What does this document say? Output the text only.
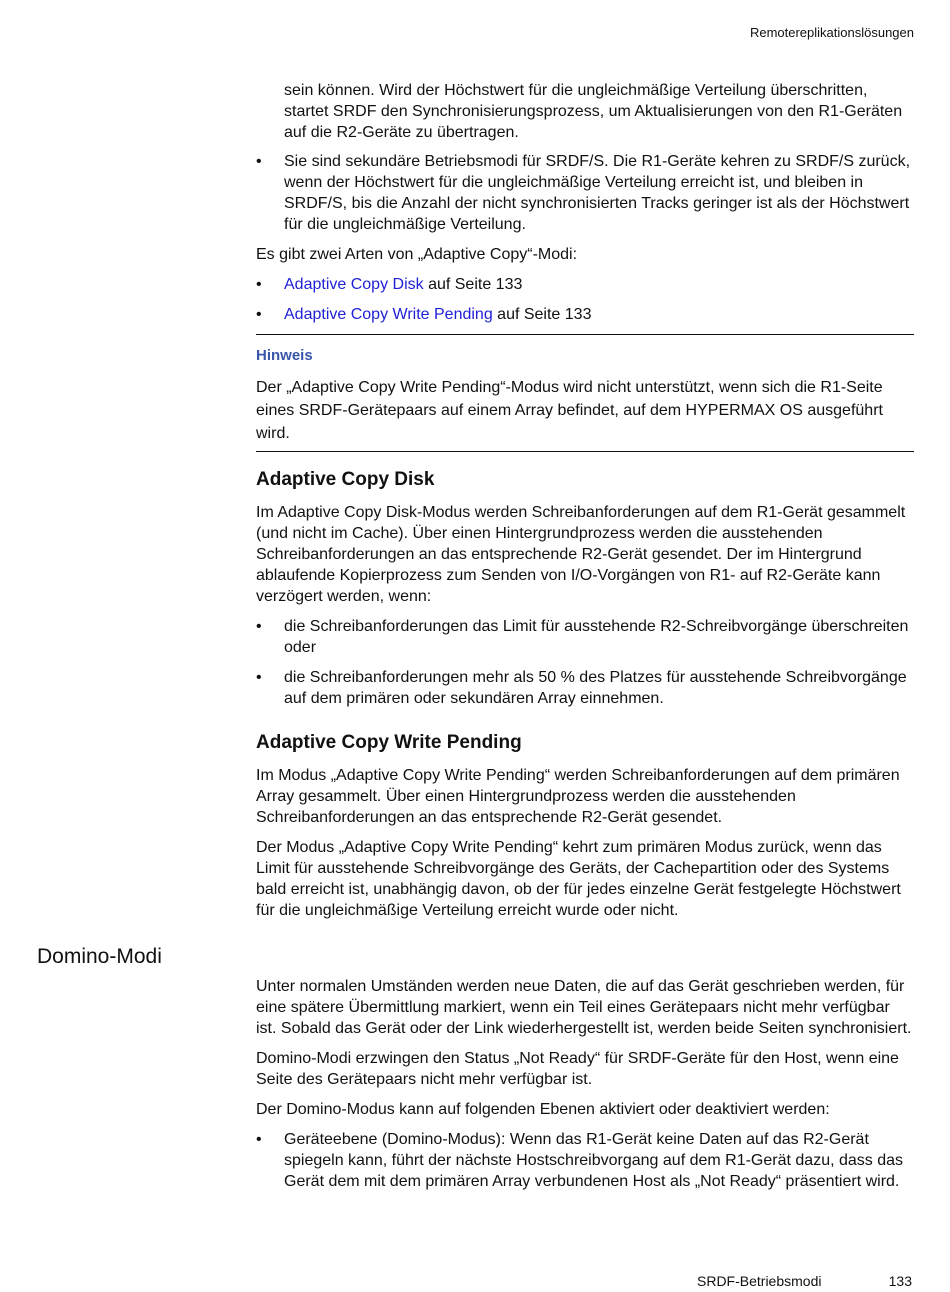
Remotereplikationslösungen

sein können. Wird der Höchstwert für die ungleichmäßige Verteilung überschritten, startet SRDF den Synchronisierungsprozess, um Aktualisierungen von den R1-Geräten auf die R2-Geräte zu übertragen.

• Sie sind sekundäre Betriebsmodi für SRDF/S. Die R1-Geräte kehren zu SRDF/S zurück, wenn der Höchstwert für die ungleichmäßige Verteilung erreicht ist, und bleiben in SRDF/S, bis die Anzahl der nicht synchronisierten Tracks geringer ist als der Höchstwert für die ungleichmäßige Verteilung.

Es gibt zwei Arten von „Adaptive Copy“-Modi:

• Adaptive Copy Disk auf Seite 133
• Adaptive Copy Write Pending auf Seite 133
Hinweis
Der „Adaptive Copy Write Pending“-Modus wird nicht unterstützt, wenn sich die R1-Seite eines SRDF-Gerätepaars auf einem Array befindet, auf dem HYPERMAX OS ausgeführt wird.
Adaptive Copy Disk

Im Adaptive Copy Disk-Modus werden Schreibanforderungen auf dem R1-Gerät gesammelt (und nicht im Cache). Über einen Hintergrundprozess werden die ausstehenden Schreibanforderungen an das entsprechende R2-Gerät gesendet. Der im Hintergrund ablaufende Kopierprozess zum Senden von I/O-Vorgängen von R1- auf R2-Geräte kann verzögert werden, wenn:

• die Schreibanforderungen das Limit für ausstehende R2-Schreibvorgänge überschreiten oder
• die Schreibanforderungen mehr als 50 % des Platzes für ausstehende Schreibvorgänge auf dem primären oder sekundären Array einnehmen.
Adaptive Copy Write Pending

Im Modus „Adaptive Copy Write Pending“ werden Schreibanforderungen auf dem primären Array gesammelt. Über einen Hintergrundprozess werden die ausstehenden Schreibanforderungen an das entsprechende R2-Gerät gesendet.

Der Modus „Adaptive Copy Write Pending“ kehrt zum primären Modus zurück, wenn das Limit für ausstehende Schreibvorgänge des Geräts, der Cachepartition oder des Systems bald erreicht ist, unabhängig davon, ob der für jedes einzelne Gerät festgelegte Höchstwert für die ungleichmäßige Verteilung erreicht wurde oder nicht.

Domino-Modi

Unter normalen Umständen werden neue Daten, die auf das Gerät geschrieben werden, für eine spätere Übermittlung markiert, wenn ein Teil eines Gerätepaars nicht mehr verfügbar ist. Sobald das Gerät oder der Link wiederhergestellt ist, werden beide Seiten synchronisiert.

Domino-Modi erzwingen den Status „Not Ready“ für SRDF-Geräte für den Host, wenn eine Seite des Gerätepaars nicht mehr verfügbar ist.

Der Domino-Modus kann auf folgenden Ebenen aktiviert oder deaktiviert werden:

• Geräteebene (Domino-Modus): Wenn das R1-Gerät keine Daten auf das R2-Gerät spiegeln kann, führt der nächste Hostschreibvorgang auf dem R1-Gerät dazu, dass das Gerät dem mit dem primären Array verbundenen Host als „Not Ready“ präsentiert wird.
SRDF-Betriebsmodi	133
